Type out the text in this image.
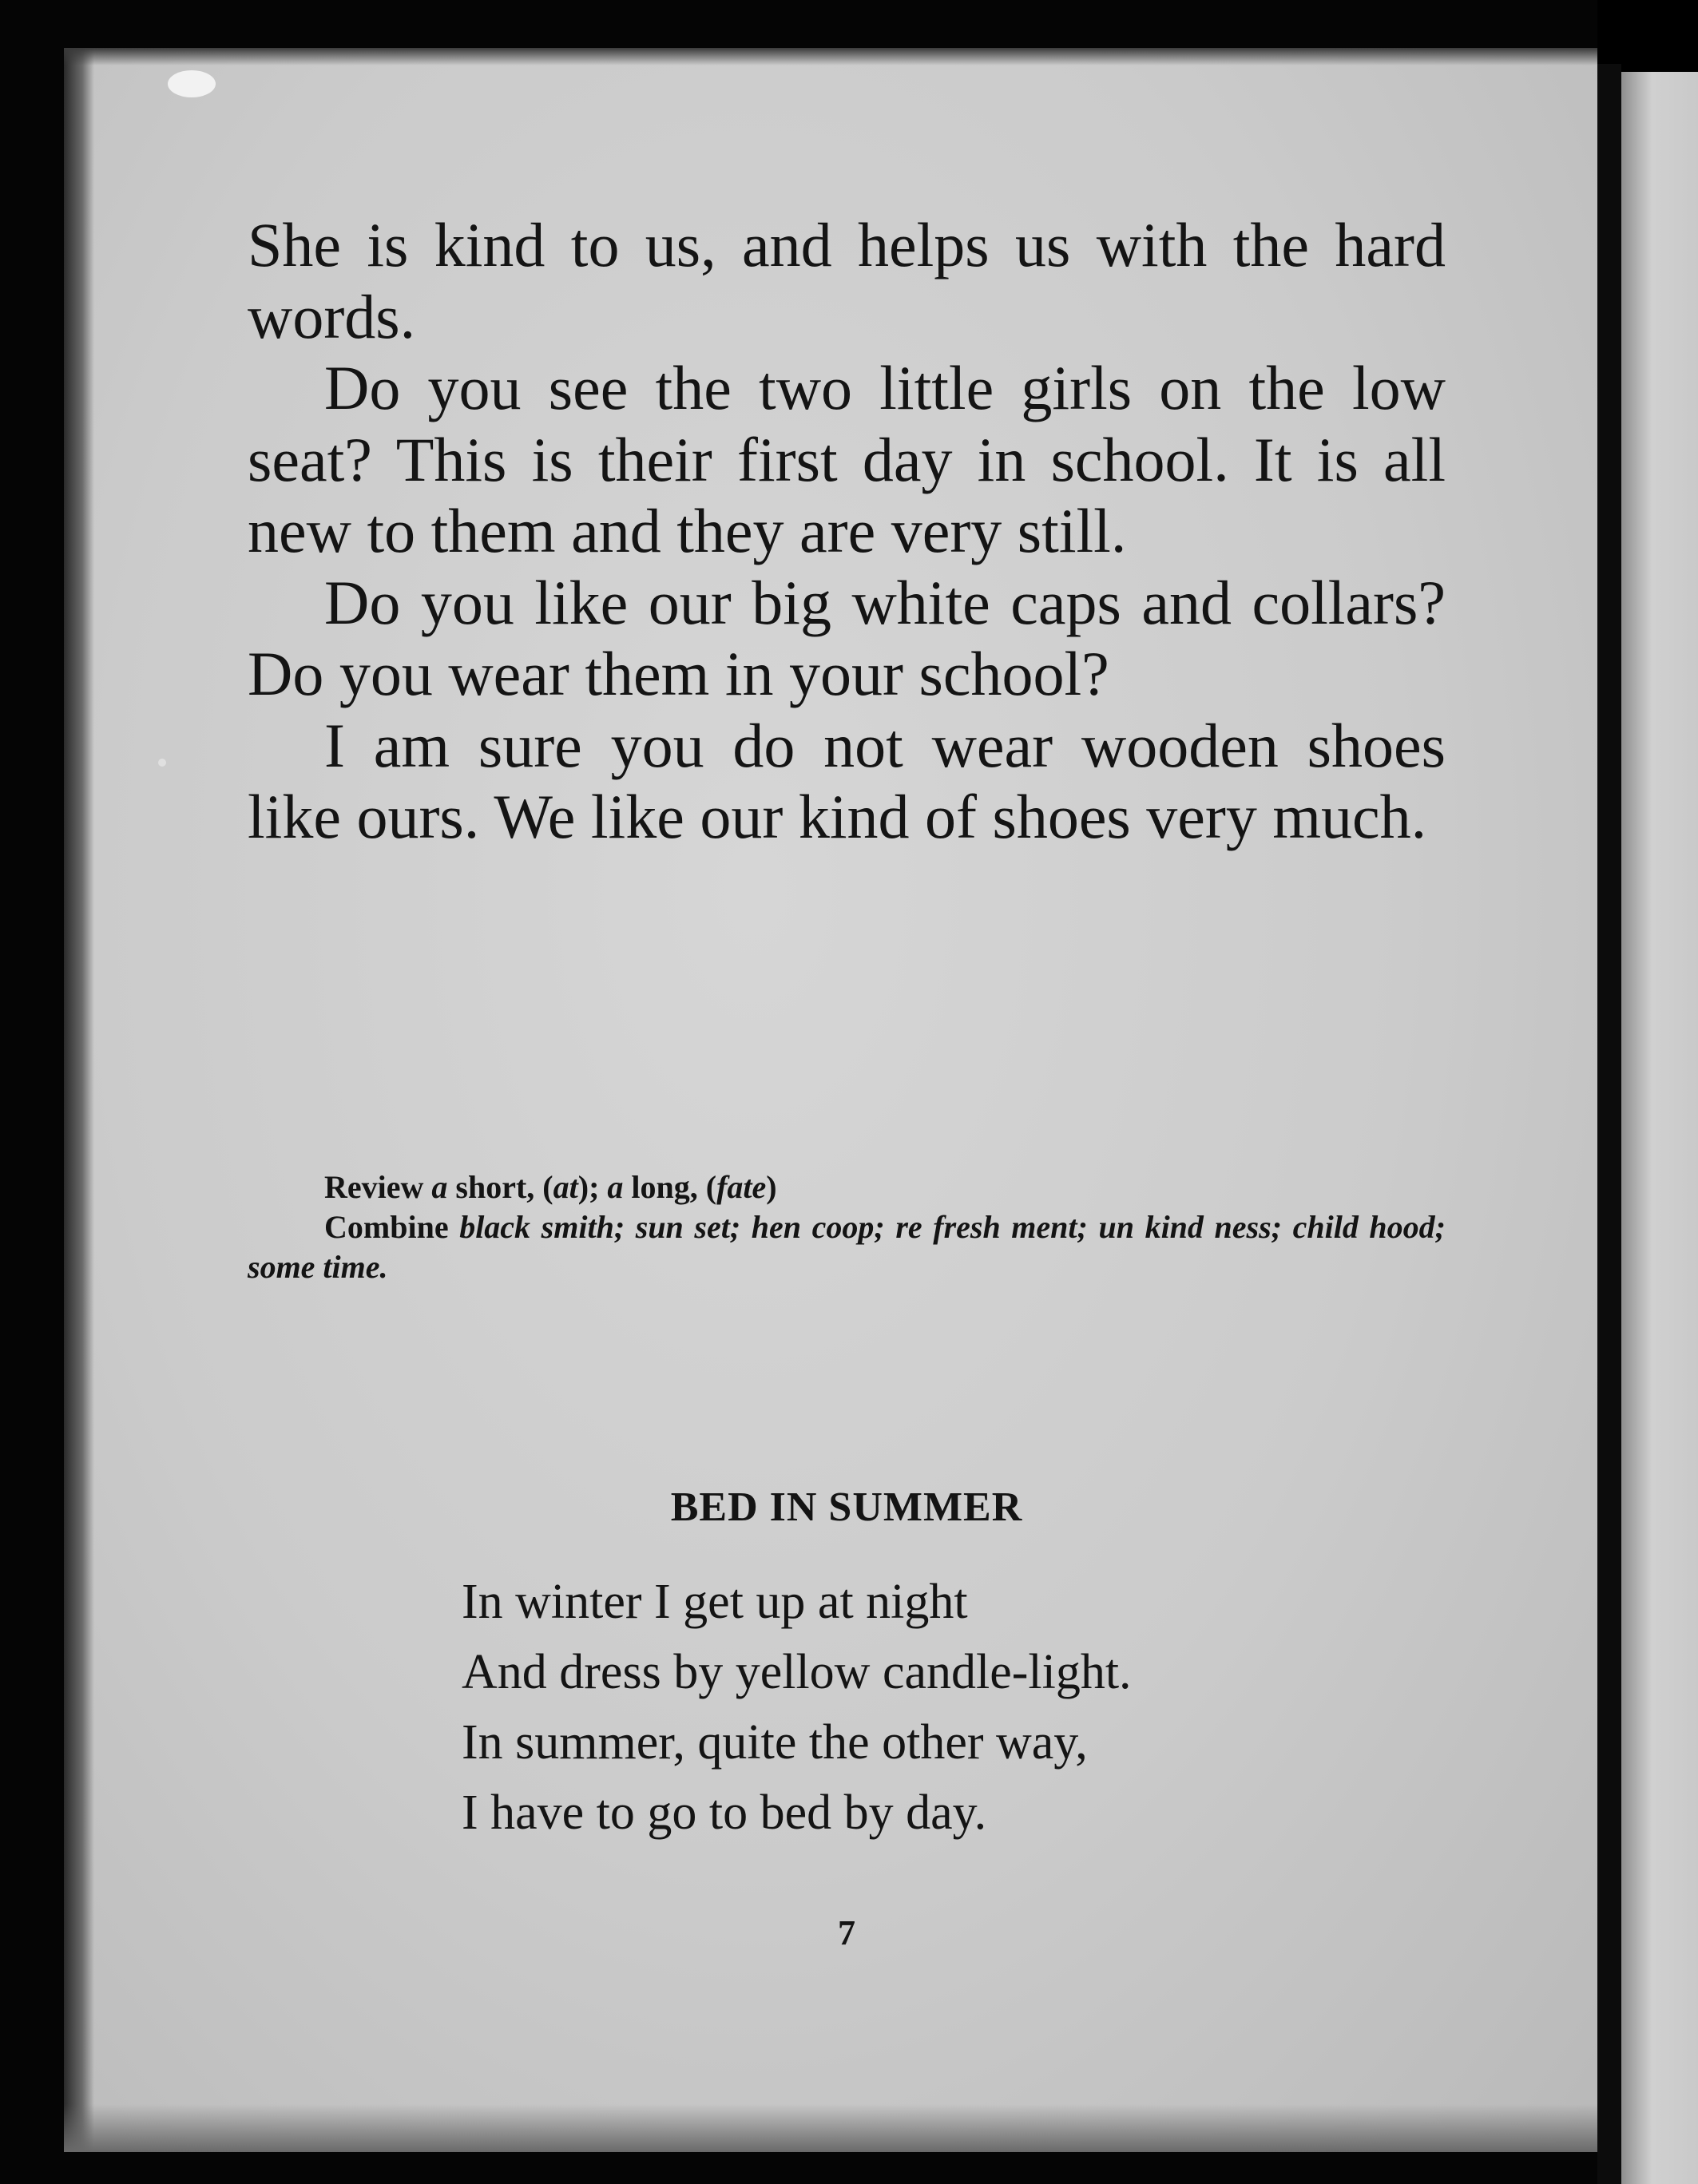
She is kind to us, and helps us with the hard words.

Do you see the two little girls on the low seat? This is their first day in school. It is all new to them and they are very still.

Do you like our big white caps and collars? Do you wear them in your school?

I am sure you do not wear wooden shoes like ours. We like our kind of shoes very much.

Review a short, (at); a long, (fate)

Combine black smith; sun set; hen coop; re fresh ment; un kind ness; child hood; some time.

BED IN SUMMER
In winter I get up at night
And dress by yellow candle-light.
In summer, quite the other way,
I have to go to bed by day.
7
